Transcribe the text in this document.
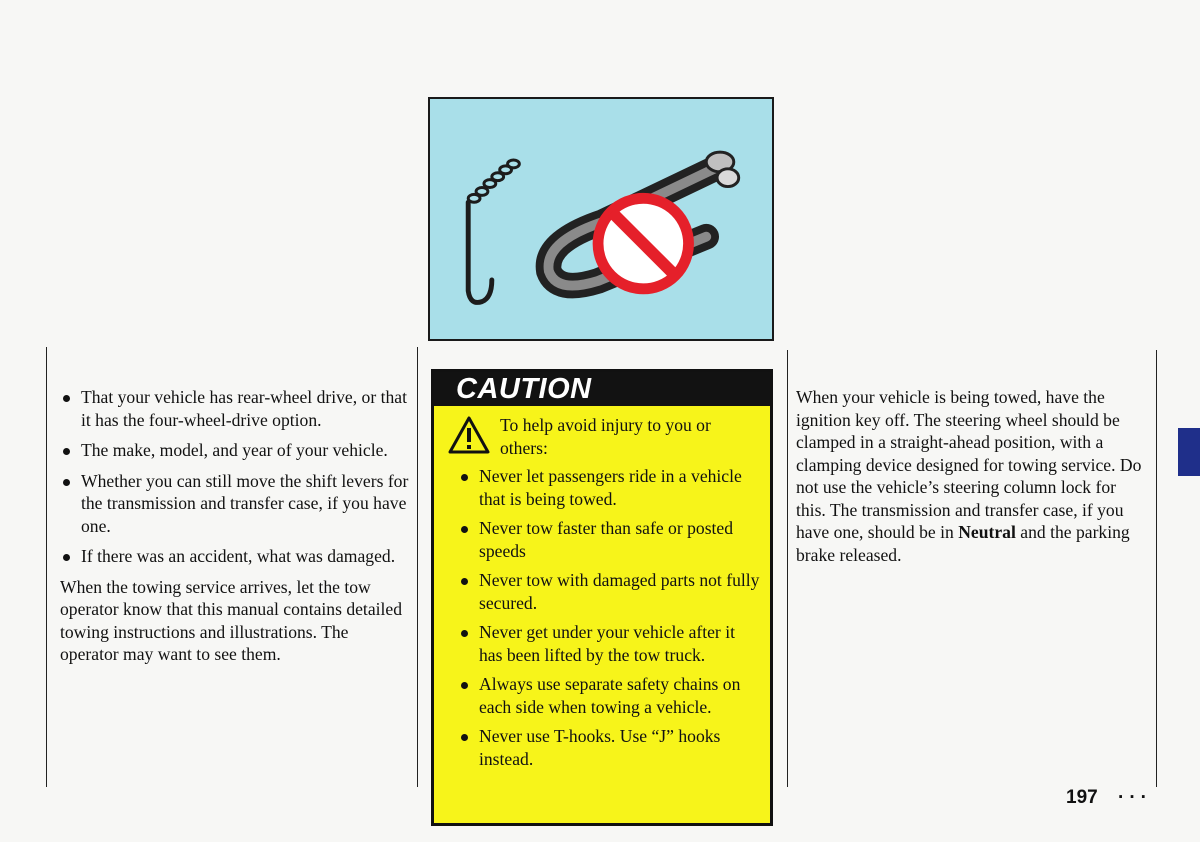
That your vehicle has rear-wheel drive, or that it has the four-wheel-drive option.
The make, model, and year of your vehicle.
Whether you can still move the shift levers for the transmission and transfer case, if you have one.
If there was an accident, what was damaged.

When the towing service arrives, let the tow operator know that this manual contains detailed towing instructions and illustrations. The operator may want to see them.

CAUTION
To help avoid injury to you or others:
Never let passengers ride in a vehicle that is being towed.
Never tow faster than safe or posted speeds
Never tow with damaged parts not fully secured.
Never get under your vehicle after it has been lifted by the tow truck.
Always use separate safety chains on each side when towing a vehicle.
Never use T-hooks. Use “J” hooks instead.

When your vehicle is being towed, have the ignition key off. The steering wheel should be clamped in a straight-ahead position, with a clamping device designed for towing service. Do not use the vehicle’s steering column lock for this. The transmission and transfer case, if you have one, should be in Neutral and the parking brake released.

197 ···
